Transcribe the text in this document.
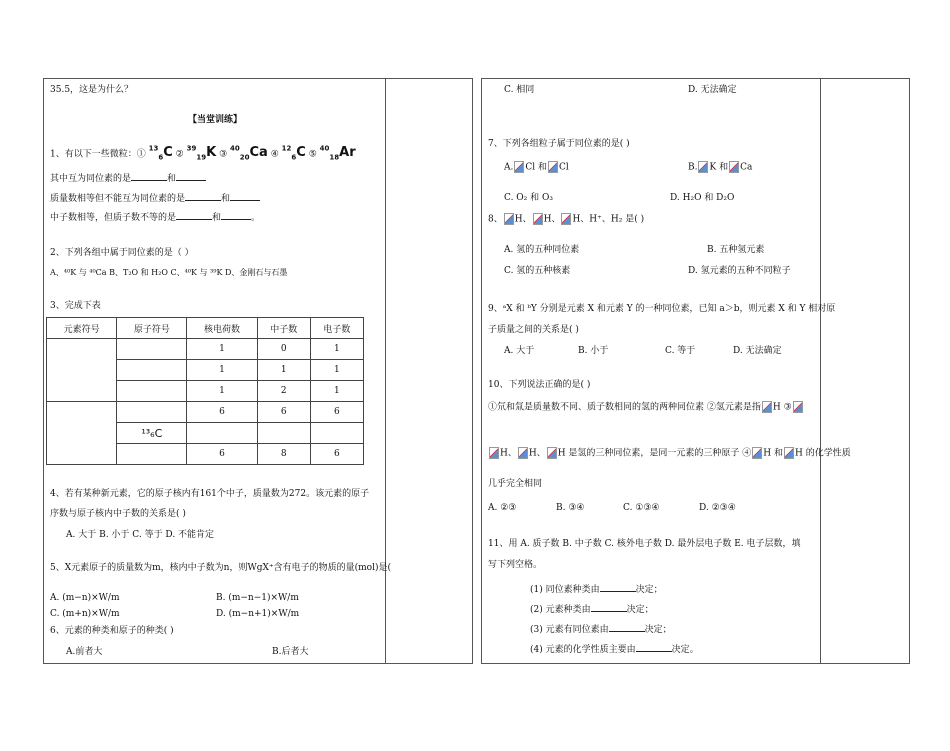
35.5，这是为什么？
【当堂训练】
1、有以下一些微粒：① $^{13}_6$C ② $^{39}_{19}$K ③ $^{40}_{20}$Ca ④ $^{12}_6$C ⑤ $^{40}_{18}$Ar
其中互为同位素的是	和
质量数相等但不能互为同位素的是	和
中子数相等，但质子数不等的是	和	。
2、下列各组中属于同位素的是（ ）
A、⁴⁰K 与 ⁴⁰Ca B、T₂O 和 H₂O C、⁴⁰K 与 ³⁹K D、金刚石与石墨
3、完成下表
元素符号	原子符号	核电荷数	中子数	电子数
		1	0	1
		1	1	1
		1	2	1
		6	6	6
	¹³₆C			
		6	8	6
4、若有某种新元素，它的原子核内有161个中子，质量数为272。该元素的原子
序数与原子核内中子数的关系是( )
A. 大于 B. 小于 C. 等于 D. 不能肯定
5、X元素原子的质量数为m，核内中子数为n，则WgX⁺含有电子的物质的量(mol)是(
A. (m−n)×W/m	B. (m−n−1)×W/m
C. (m+n)×W/m	D. (m−n+1)×W/m
6、元素的种类和原子的种类( )
A.前者大	B.后者大
C. 相同	D. 无法确定
7、下列各组粒子属于同位素的是( )
A. Cl 和 Cl	B. K 和 Ca
C. O₂ 和 O₃	D. H₂O 和 D₂O
8、 H、 H、 H、H⁺、H₂ 是( )
A. 氢的五种同位素	B. 五种氢元素
C. 氢的五种核素	D. 氢元素的五种不同粒子
9、ᵃX 和 ᵇY 分别是元素 X 和元素 Y 的一种同位素，已知 a＞b，则元素 X 和 Y 相对原
子质量之间的关系是( )
A. 大于	B. 小于	C. 等于	D. 无法确定
10、下列说法正确的是( )
①氘和氚是质量数不同、质子数相同的氢的两种同位素 ②氢元素是指 H ③
H、 H、 H 是氢的三种同位素，是同一元素的三种原子 ④ H 和 H 的化学性质
几乎完全相同
A. ②③	B. ③④	C. ①③④	D. ②③④
11、用 A. 质子数 B. 中子数 C. 核外电子数 D. 最外层电子数 E. 电子层数，填
写下列空格。
(1) 同位素种类由	决定；
(2) 元素种类由	决定；
(3) 元素有同位素由	决定；
(4) 元素的化学性质主要由	决定。
